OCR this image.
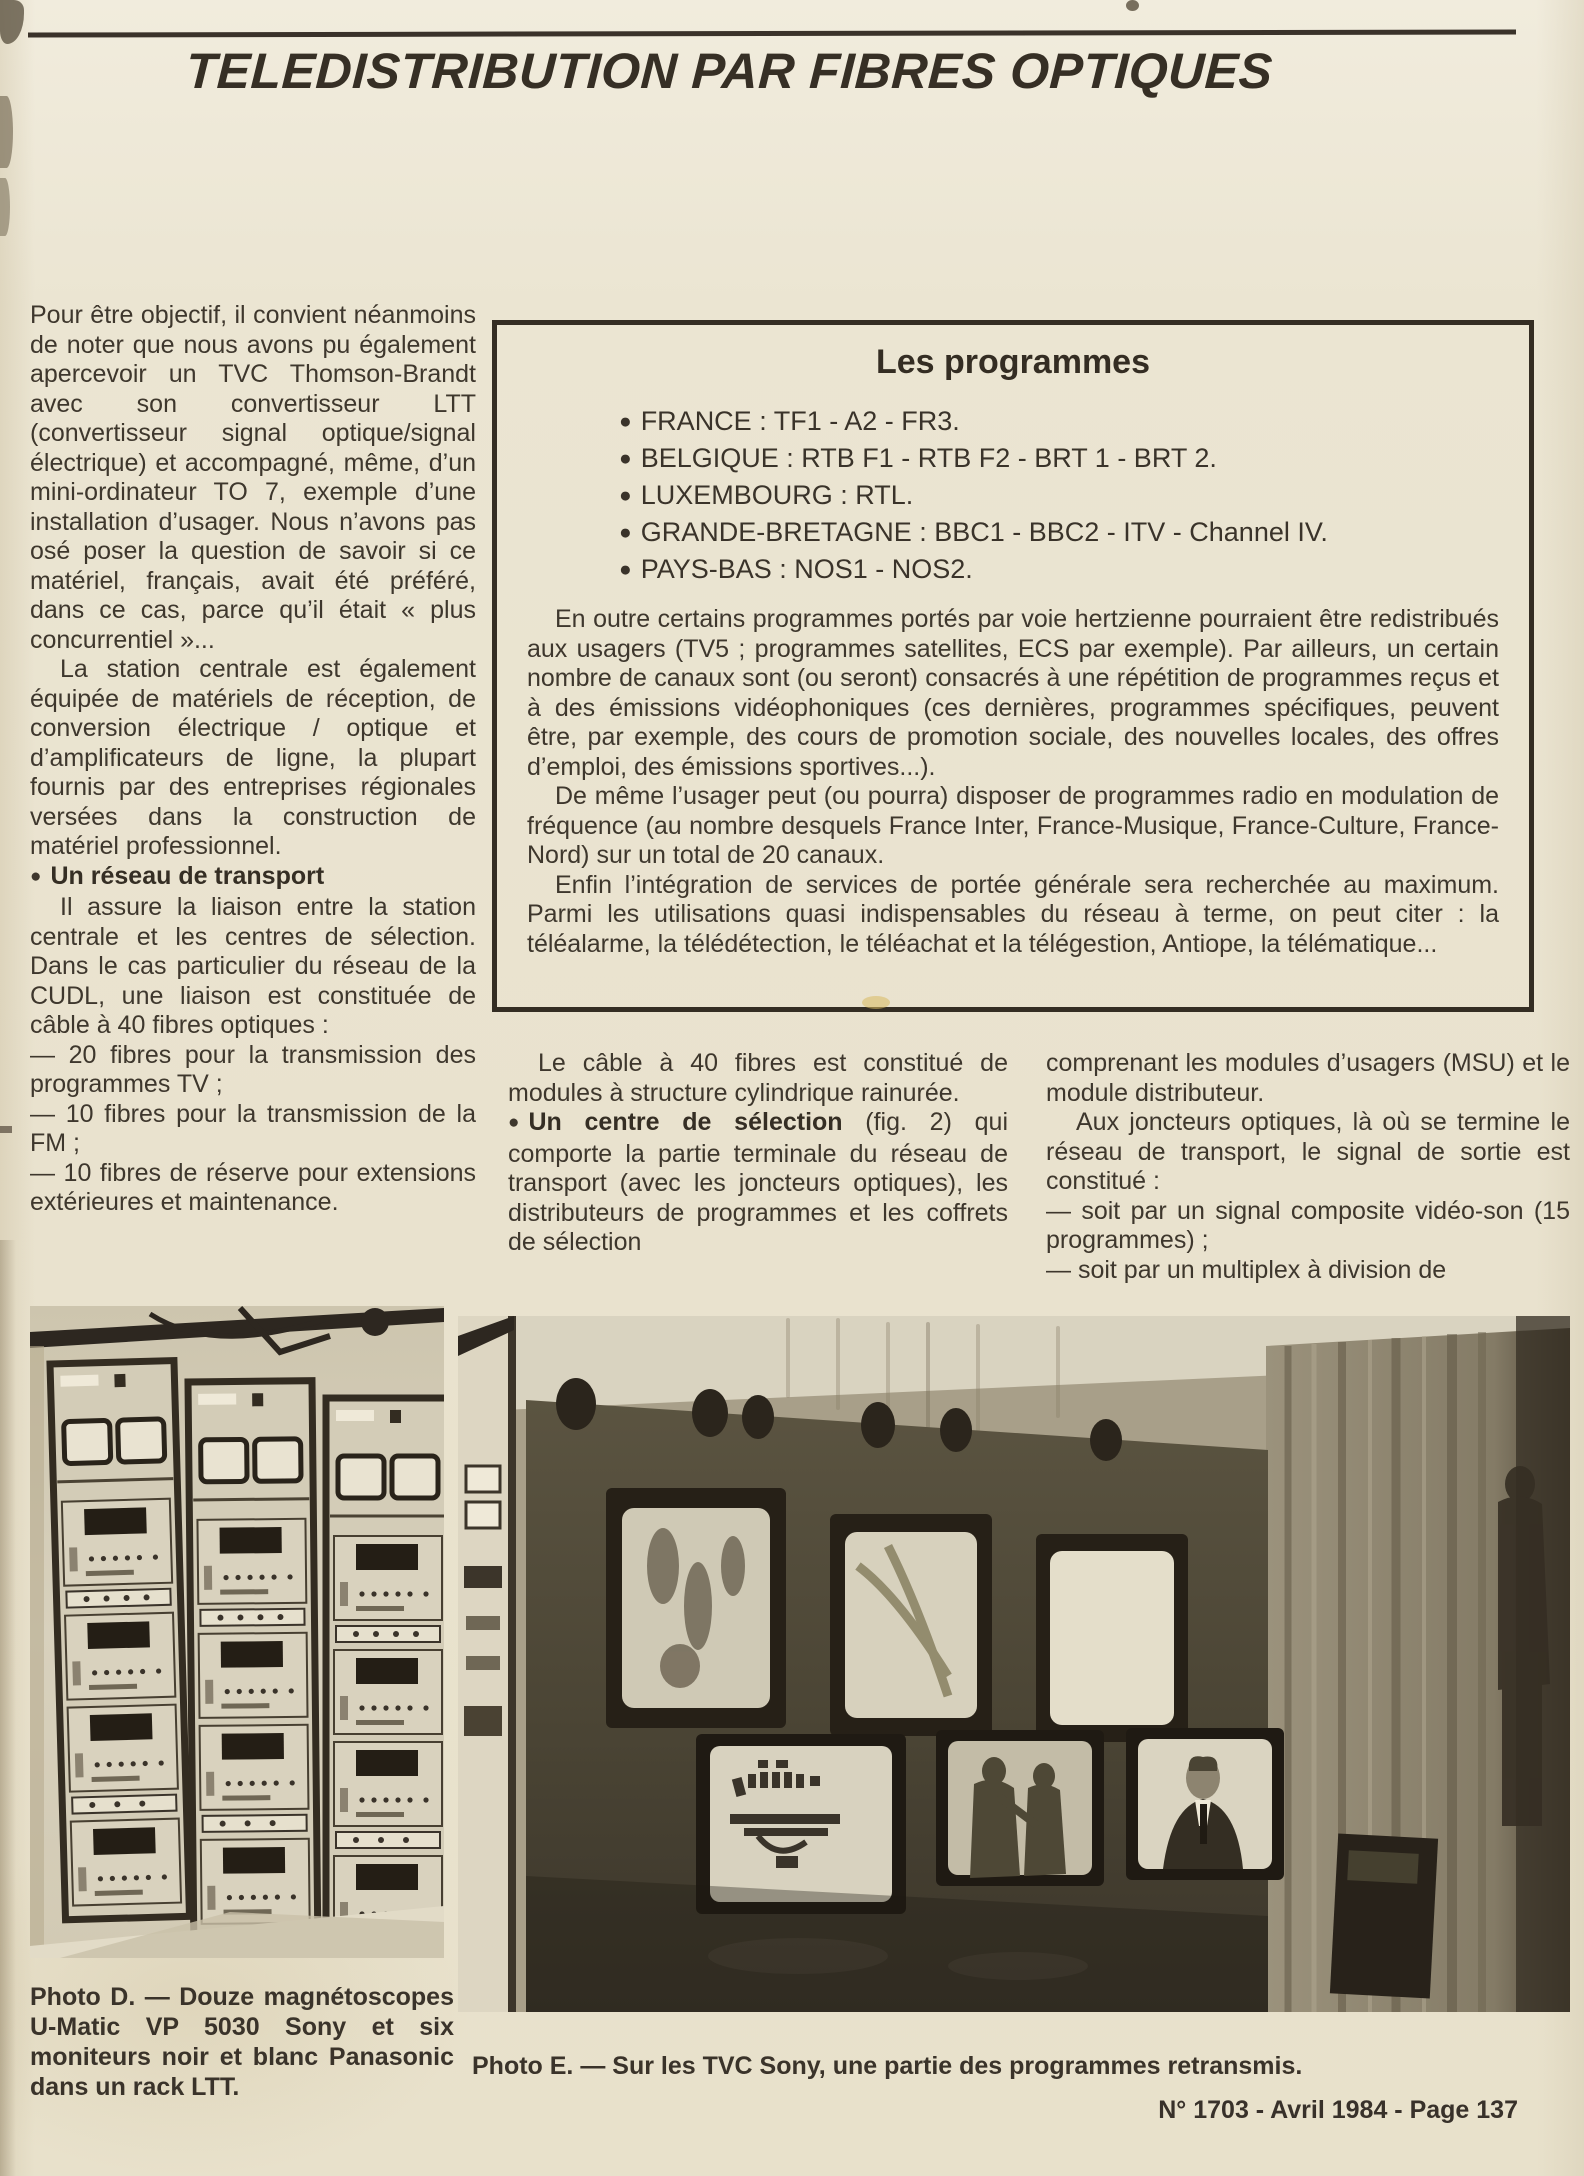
TELEDISTRIBUTION PAR FIBRES OPTIQUES

Pour être objectif, il convient néanmoins de noter que nous avons pu également apercevoir un TVC Thomson-Brandt avec son convertisseur LTT (convertisseur signal optique/signal électrique) et accompagné, même, d’un mini-ordinateur TO 7, exemple d’une installation d’usager. Nous n’avons pas osé poser la question de savoir si ce matériel, français, avait été préféré, dans ce cas, parce qu’il était « plus concurrentiel »...

La station centrale est également équipée de matériels de réception, de conversion électrique / optique et d’amplificateurs de ligne, la plupart fournis par des entreprises régionales versées dans la construction de matériel professionnel.

● Un réseau de transport

Il assure la liaison entre la station centrale et les centres de sélection. Dans le cas particulier du réseau de la CUDL, une liaison est constituée de câble à 40 fibres optiques :

— 20 fibres pour la transmission des programmes TV ;
— 10 fibres pour la transmission de la FM ;
— 10 fibres de réserve pour extensions extérieures et maintenance.
Les programmes
● FRANCE : TF1 - A2 - FR3.
● BELGIQUE : RTB F1 - RTB F2 - BRT 1 - BRT 2.
● LUXEMBOURG : RTL.
● GRANDE-BRETAGNE : BBC1 - BBC2 - ITV - Channel IV.
● PAYS-BAS : NOS1 - NOS2.

En outre certains programmes portés par voie hertzienne pourraient être redistribués aux usagers (TV5 ; programmes satellites, ECS par exemple). Par ailleurs, un certain nombre de canaux sont (ou seront) consacrés à une répétition de programmes reçus et à des émissions vidéophoniques (ces dernières, programmes spécifiques, peuvent être, par exemple, des cours de promotion sociale, des nouvelles locales, des offres d’emploi, des émissions sportives...).

De même l’usager peut (ou pourra) disposer de programmes radio en modulation de fréquence (au nombre desquels France Inter, France-Musique, France-Culture, France-Nord) sur un total de 20 canaux.

Enfin l’intégration de services de portée générale sera recherchée au maximum. Parmi les utilisations quasi indispensables du réseau à terme, on peut citer : la téléalarme, la télédétection, le téléachat et la télégestion, Antiope, la télématique...

Le câble à 40 fibres est constitué de modules à structure cylindrique rainurée.

● Un centre de sélection (fig. 2) qui comporte la partie terminale du réseau de transport (avec les joncteurs optiques), les distributeurs de programmes et les coffrets de sélection

comprenant les modules d’usagers (MSU) et le module distributeur.

Aux joncteurs optiques, là où se termine le réseau de transport, le signal de sortie est constitué :

— soit par un signal composite vidéo-son (15 programmes) ;
— soit par un multiplex à division de
Photo D. — Douze magnétoscopes U-Matic VP 5030 Sony et six moniteurs noir et blanc Panasonic dans un rack LTT.
Photo E. — Sur les TVC Sony, une partie des programmes retransmis.
N° 1703 - Avril 1984 - Page 137
